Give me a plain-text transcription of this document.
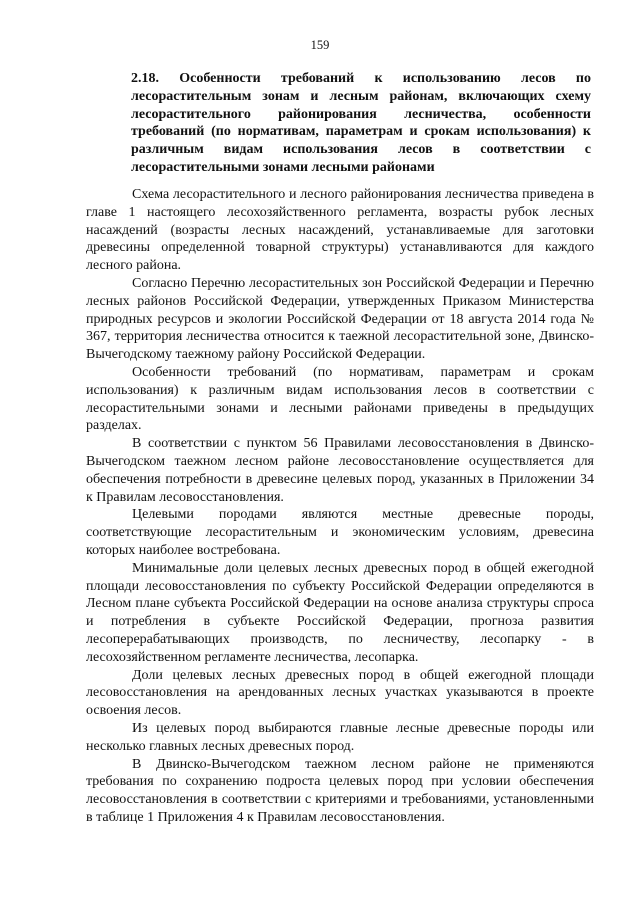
159

2.18. Особенности требований к использованию лесов по лесорастительным зонам и лесным районам, включающих схему лесорастительного районирования лесничества, особенности требований (по нормативам, параметрам и срокам использования) к различным видам использования лесов в соответствии с лесорастительными зонами лесными районами

Схема лесорастительного и лесного районирования лесничества приведена в главе 1 настоящего лесохозяйственного регламента, возрасты рубок лесных насаждений (возрасты лесных насаждений, устанавливаемые для заготовки древесины определенной товарной структуры) устанавливаются для каждого лесного района.

Согласно Перечню лесорастительных зон Российской Федерации и Перечню лесных районов Российской Федерации, утвержденных Приказом Министерства природных ресурсов и экологии Российской Федерации от 18 августа 2014 года № 367, территория лесничества относится к таежной лесорастительной зоне, Двинско-Вычегодскому таежному району Российской Федерации.

Особенности требований (по нормативам, параметрам и срокам использования) к различным видам использования лесов в соответствии с лесорастительными зонами и лесными районами приведены в предыдущих разделах.

В соответствии с пунктом 56 Правилами лесовосстановления в Двинско-Вычегодском таежном лесном районе лесовосстановление осуществляется для обеспечения потребности в древесине целевых пород, указанных в Приложении 34 к Правилам лесовосстановления.

Целевыми породами являются местные древесные породы, соответствующие лесорастительным и экономическим условиям, древесина которых наиболее востребована.

Минимальные доли целевых лесных древесных пород в общей ежегодной площади лесовосстановления по субъекту Российской Федерации определяются в Лесном плане субъекта Российской Федерации на основе анализа структуры спроса и потребления в субъекте Российской Федерации, прогноза развития лесоперерабатывающих производств, по лесничеству, лесопарку - в лесохозяйственном регламенте лесничества, лесопарка.

Доли целевых лесных древесных пород в общей ежегодной площади лесовосстановления на арендованных лесных участках указываются в проекте освоения лесов.

Из целевых пород выбираются главные лесные древесные породы или несколько главных лесных древесных пород.

В Двинско-Вычегодском таежном лесном районе не применяются требования по сохранению подроста целевых пород при условии обеспечения лесовосстановления в соответствии с критериями и требованиями, установленными в таблице 1 Приложения 4 к Правилам лесовосстановления.
